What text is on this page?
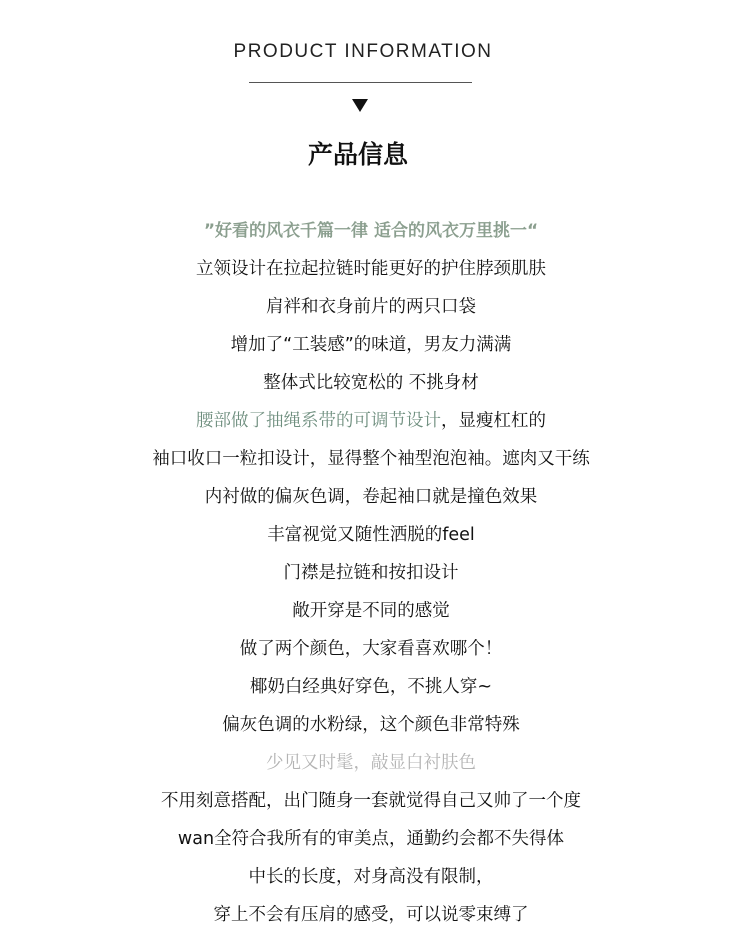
PRODUCT INFORMATION
产品信息
”好看的风衣千篇一律 适合的风衣万里挑一“
立领设计在拉起拉链时能更好的护住脖颈肌肤
肩袢和衣身前片的两只口袋
增加了“工装感”的味道，男友力满满
整体式比较宽松的 不挑身材
腰部做了抽绳系带的可调节设计，显瘦杠杠的
袖口收口一粒扣设计，显得整个袖型泡泡袖。遮肉又干练
内衬做的偏灰色调，卷起袖口就是撞色效果
丰富视觉又随性洒脱的feel
门襟是拉链和按扣设计
敞开穿是不同的感觉
做了两个颜色，大家看喜欢哪个！
椰奶白经典好穿色，不挑人穿~
偏灰色调的水粉绿，这个颜色非常特殊
少见又时髦，敲显白衬肤色
不用刻意搭配，出门随身一套就觉得自己又帅了一个度
wan全符合我所有的审美点，通勤约会都不失得体
中长的长度，对身高没有限制，
穿上不会有压肩的感受，可以说零束缚了
